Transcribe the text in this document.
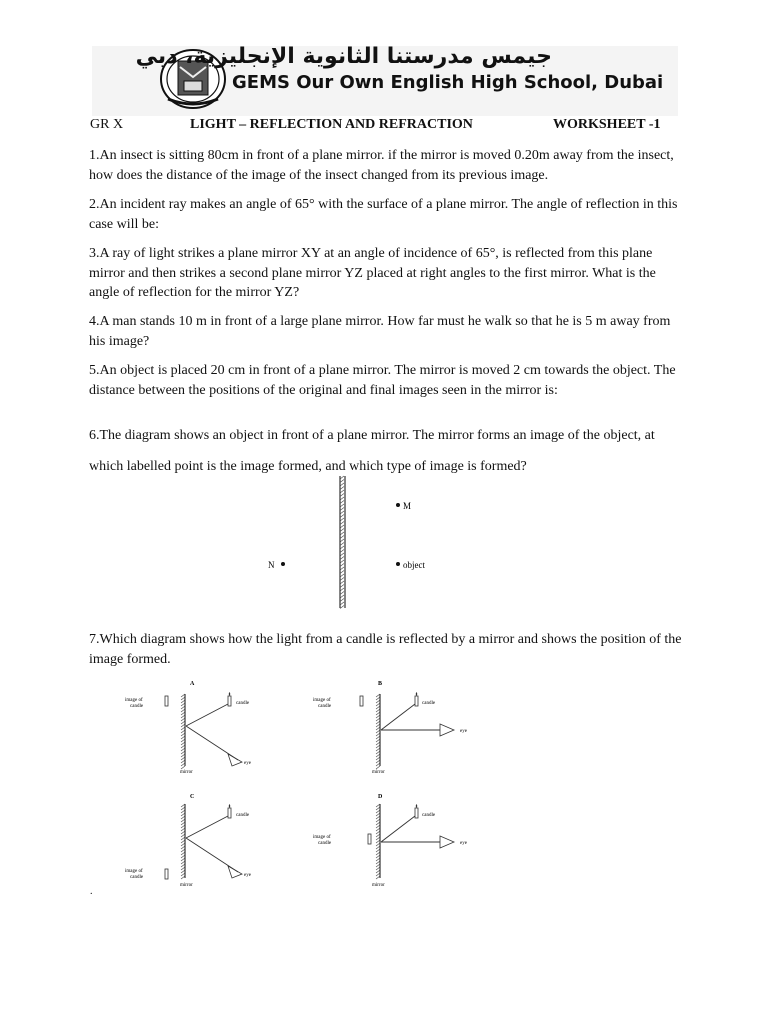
جيمس مدرستنا الثانوية الإنجليزية، دبي
GEMS Our Own English High School, Dubai
GR X	LIGHT – REFLECTION AND REFRACTION	WORKSHEET -1

1.An insect is sitting 80cm in front of a plane mirror. if the mirror is moved 0.20m away from the insect, how does the distance of the image of the insect changed from its previous image.

2.An incident ray makes an angle of 65° with the surface of a plane mirror. The angle of reflection in this case will be:

3.A ray of light strikes a plane mirror XY at an angle of incidence of 65°, is reflected from this plane mirror and then strikes a second plane mirror YZ placed at right angles to the first mirror. What is the angle of reflection for the mirror YZ?

4.A man stands 10 m in front of a large plane mirror. How far must he walk so that he is 5 m away from his image?

5.An object is placed 20 cm in front of a plane mirror. The mirror is moved 2 cm towards the object. The distance between the positions of the original and final images seen in the mirror is:

6.The diagram shows an object in front of a plane mirror. The mirror forms an image of the object, at which labelled point is the image formed, and which type of image is formed?

M
N	object

7.Which diagram shows how the light from a candle is reflected by a mirror and shows the position of the image formed.

A
candle
image of
candle
eye
mirror
B
candle
image of
candle
eye
mirror
C
candle
image of
candle	eye
mirror
D
candle
image of
candle	eye
mirror
.
